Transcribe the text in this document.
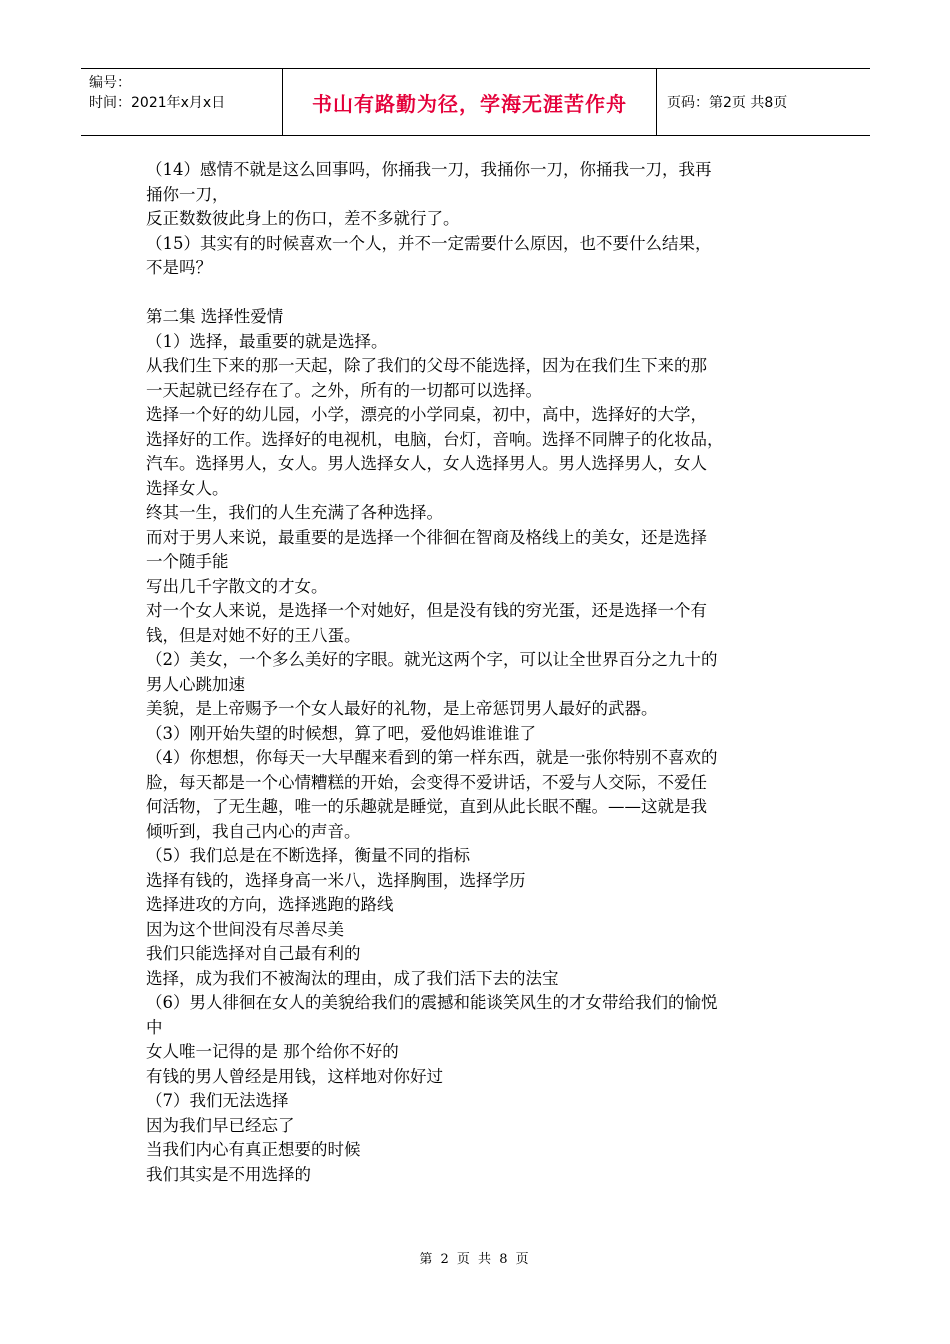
编号：
时间：2021年x月x日	书山有路勤为径，学海无涯苦作舟	页码：第2页 共8页
（14）感情不就是这么回事吗，你捅我一刀，我捅你一刀，你捅我一刀，我再
捅你一刀，
反正数数彼此身上的伤口，差不多就行了。
（15）其实有的时候喜欢一个人，并不一定需要什么原因，也不要什么结果，
不是吗？
第二集 选择性爱情
（1）选择，最重要的就是选择。
从我们生下来的那一天起，除了我们的父母不能选择，因为在我们生下来的那
一天起就已经存在了。之外，所有的一切都可以选择。
选择一个好的幼儿园，小学，漂亮的小学同桌，初中，高中，选择好的大学，
选择好的工作。选择好的电视机，电脑，台灯，音响。选择不同牌子的化妆品，
汽车。选择男人，女人。男人选择女人，女人选择男人。男人选择男人，女人
选择女人。
终其一生，我们的人生充满了各种选择。
而对于男人来说，最重要的是选择一个徘徊在智商及格线上的美女，还是选择
一个随手能
写出几千字散文的才女。
对一个女人来说，是选择一个对她好，但是没有钱的穷光蛋，还是选择一个有
钱，但是对她不好的王八蛋。
（2）美女，一个多么美好的字眼。就光这两个字，可以让全世界百分之九十的
男人心跳加速
美貌，是上帝赐予一个女人最好的礼物，是上帝惩罚男人最好的武器。
（3）刚开始失望的时候想，算了吧，爱他妈谁谁谁了
（4）你想想，你每天一大早醒来看到的第一样东西，就是一张你特别不喜欢的
脸，每天都是一个心情糟糕的开始，会变得不爱讲话，不爱与人交际，不爱任
何活物，了无生趣，唯一的乐趣就是睡觉，直到从此长眠不醒。——这就是我
倾听到，我自己内心的声音。
（5）我们总是在不断选择，衡量不同的指标
选择有钱的，选择身高一米八，选择胸围，选择学历
选择进攻的方向，选择逃跑的路线
因为这个世间没有尽善尽美
我们只能选择对自己最有利的
选择，成为我们不被淘汰的理由，成了我们活下去的法宝
（6）男人徘徊在女人的美貌给我们的震撼和能谈笑风生的才女带给我们的愉悦
中
女人唯一记得的是 那个给你不好的
有钱的男人曾经是用钱，这样地对你好过
（7）我们无法选择
因为我们早已经忘了
当我们内心有真正想要的时候
我们其实是不用选择的
第 2 页 共 8 页
